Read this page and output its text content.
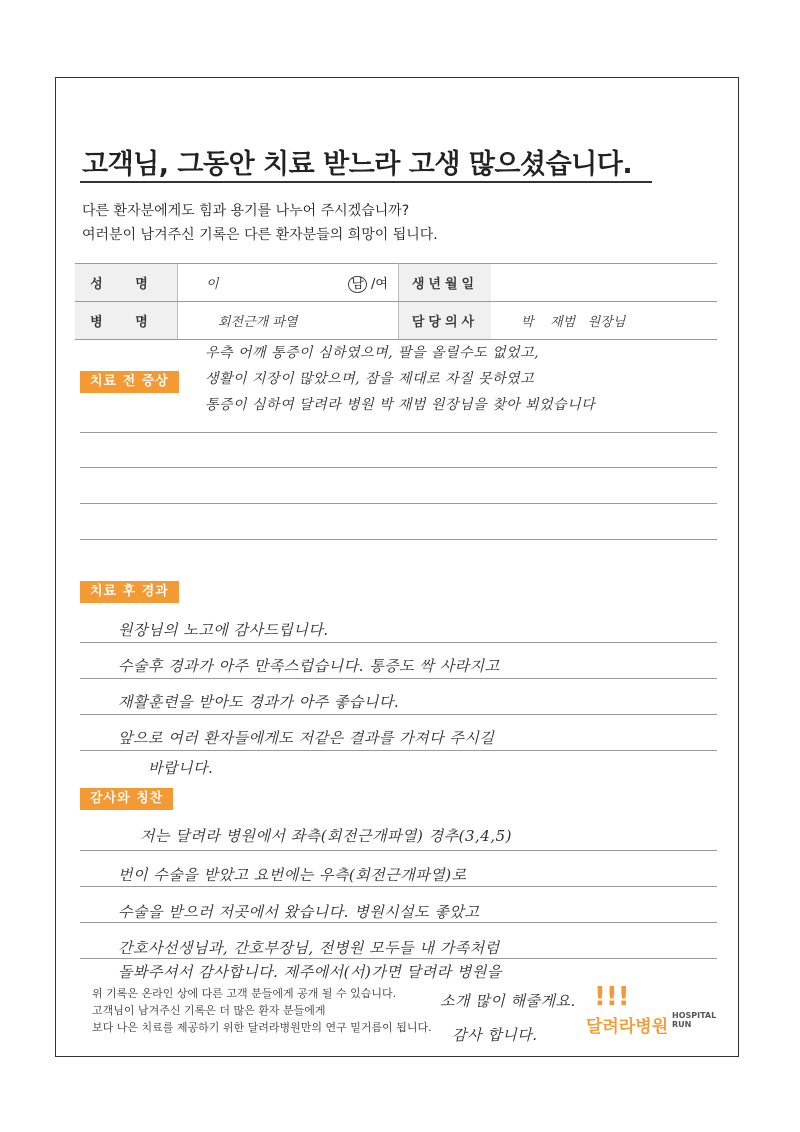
고객님, 그동안 치료 받느라 고생 많으셨습니다.
다른 환자분에게도 힘과 용기를 나누어 주시겠습니까?
여러분이 남겨주신 기록은 다른 환자분들의 희망이 됩니다.
성 명	이 남 /여	생년월일	
병 명	회전근개 파열	담당의사	박    재범   원장님
치료 전 증상
우측 어깨 통증이 심하였으며, 팔을 올릴수도 없었고,
생활이 지장이 많았으며, 잠을 제대로 자질 못하였고
통증이 심하여 달려라 병원 박 재범 원장님을 찾아 뵈었습니다
치료 후 경과
원장님의 노고에 감사드립니다.
수술후 경과가 아주 만족스럽습니다. 통증도 싹 사라지고
재활훈련을 받아도 경과가 아주 좋습니다.
앞으로 여러 환자들에게도 저같은 결과를 가져다 주시길
바랍니다.
감사와 칭찬
저는 달려라 병원에서 좌측(회전근개파열) 경추(3,4,5)
번이 수술을 받았고 요번에는 우측(회전근개파열)로
수술을 받으러 저곳에서 왔습니다. 병원시설도 좋았고
간호사선생님과, 간호부장님, 전병원 모두들 내 가족처럼
돌봐주셔서 감사합니다. 제주에서(서)가면 달려라 병원을
소개 많이 해줄게요.
감사 합니다.
위 기록은 온라인 상에 다른 고객 분들에게 공개 될 수 있습니다.
고객님이 남겨주신 기록은 더 많은 환자 분들에게
보다 나은 치료를 제공하기 위한 달려라병원만의 연구 밑거름이 됩니다.
!!!
달려라병원
HOSPITAL
RUN
